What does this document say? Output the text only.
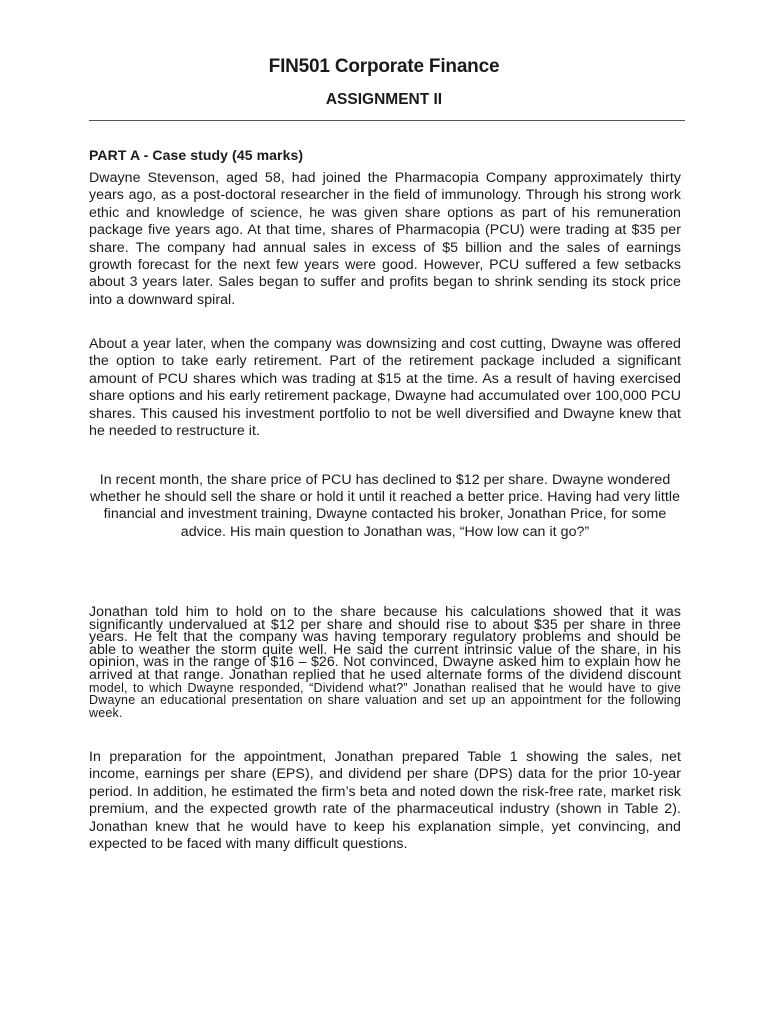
FIN501 Corporate Finance
ASSIGNMENT II
PART A - Case study (45 marks)

Dwayne Stevenson, aged 58, had joined the Pharmacopia Company approximately thirty years ago, as a post-doctoral researcher in the field of immunology. Through his strong work ethic and knowledge of science, he was given share options as part of his remuneration package five years ago. At that time, shares of Pharmacopia (PCU) were trading at $35 per share. The company had annual sales in excess of $5 billion and the sales of earnings growth forecast for the next few years were good. However, PCU suffered a few setbacks about 3 years later. Sales began to suffer and profits began to shrink sending its stock price into a downward spiral.

About a year later, when the company was downsizing and cost cutting, Dwayne was offered the option to take early retirement. Part of the retirement package included a significant amount of PCU shares which was trading at $15 at the time. As a result of having exercised share options and his early retirement package, Dwayne had accumulated over 100,000 PCU shares. This caused his investment portfolio to not be well diversified and Dwayne knew that he needed to restructure it.

In recent month, the share price of PCU has declined to $12 per share. Dwayne wondered whether he should sell the share or hold it until it reached a better price. Having had very little financial and investment training, Dwayne contacted his broker, Jonathan Price, for some advice. His main question to Jonathan was, “How low can it go?”

Jonathan told him to hold on to the share because his calculations showed that it was significantly undervalued at $12 per share and should rise to about $35 per share in three years. He felt that the company was having temporary regulatory problems and should be able to weather the storm quite well. He said the current intrinsic value of the share, in his opinion, was in the range of $16 – $26. Not convinced, Dwayne asked him to explain how he arrived at that range. Jonathan replied that he used alternate forms of the dividend discount model, to which Dwayne responded, “Dividend what?” Jonathan realised that he would have to give Dwayne an educational presentation on share valuation and set up an appointment for the following week.

In preparation for the appointment, Jonathan prepared Table 1 showing the sales, net income, earnings per share (EPS), and dividend per share (DPS) data for the prior 10-year period. In addition, he estimated the firm’s beta and noted down the risk-free rate, market risk premium, and the expected growth rate of the pharmaceutical industry (shown in Table 2). Jonathan knew that he would have to keep his explanation simple, yet convincing, and expected to be faced with many difficult questions.
